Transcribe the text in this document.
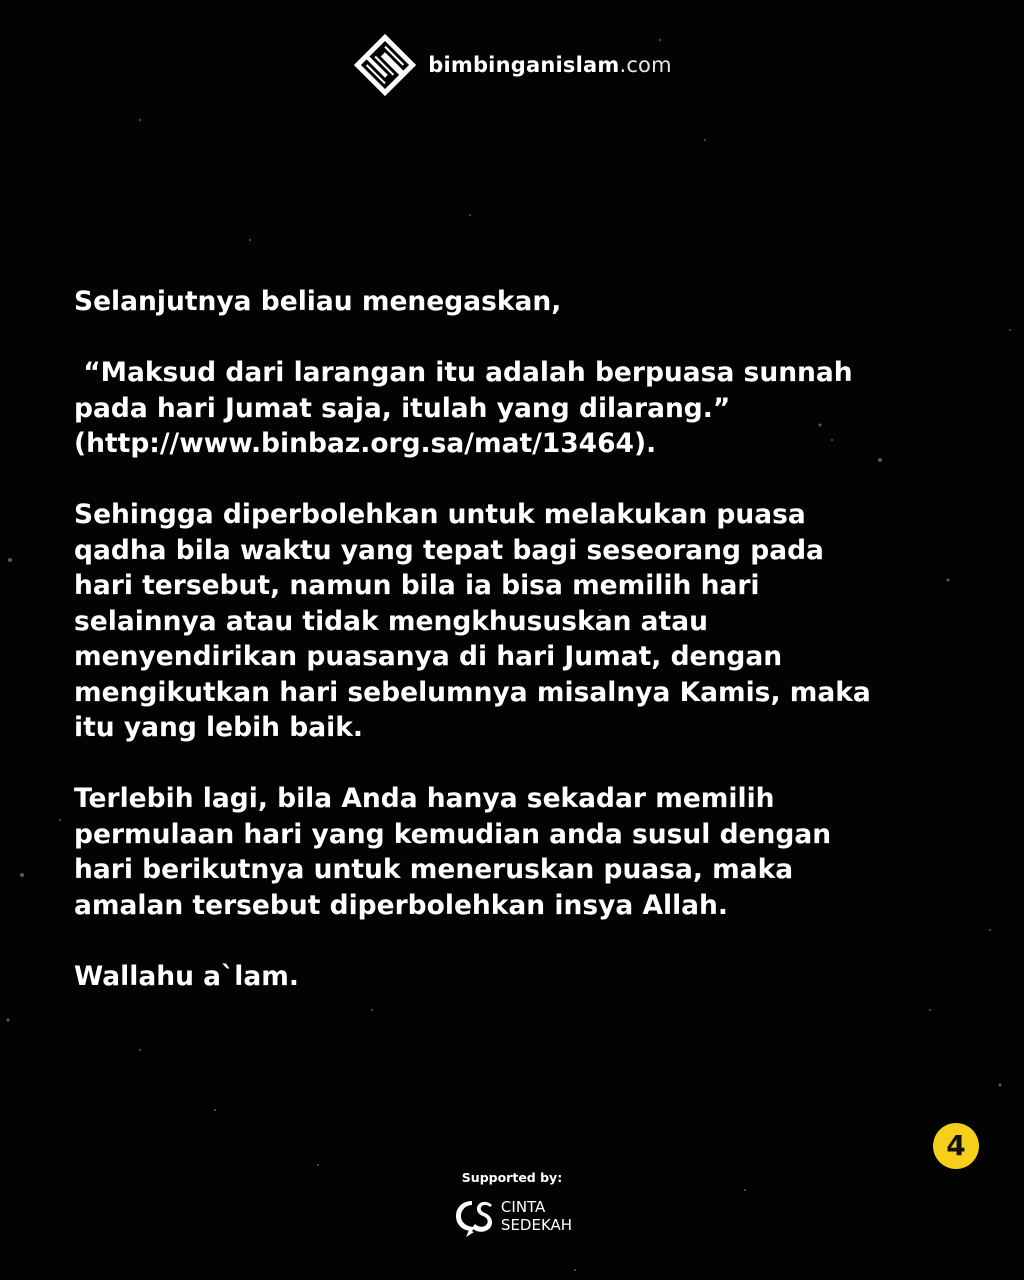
bimbinganislam.com

Selanjutnya beliau menegaskan,

“Maksud dari larangan itu adalah berpuasa sunnah
pada hari Jumat saja, itulah yang dilarang.”
(http://www.binbaz.org.sa/mat/13464).

Sehingga diperbolehkan untuk melakukan puasa
qadha bila waktu yang tepat bagi seseorang pada
hari tersebut, namun bila ia bisa memilih hari
selainnya atau tidak mengkhususkan atau
menyendirikan puasanya di hari Jumat, dengan
mengikutkan hari sebelumnya misalnya Kamis, maka
itu yang lebih baik.

Terlebih lagi, bila Anda hanya sekadar memilih
permulaan hari yang kemudian anda susul dengan
hari berikutnya untuk meneruskan puasa, maka
amalan tersebut diperbolehkan insya Allah.

Wallahu a`lam.

4
Supported by:
CINTA
SEDEKAH
